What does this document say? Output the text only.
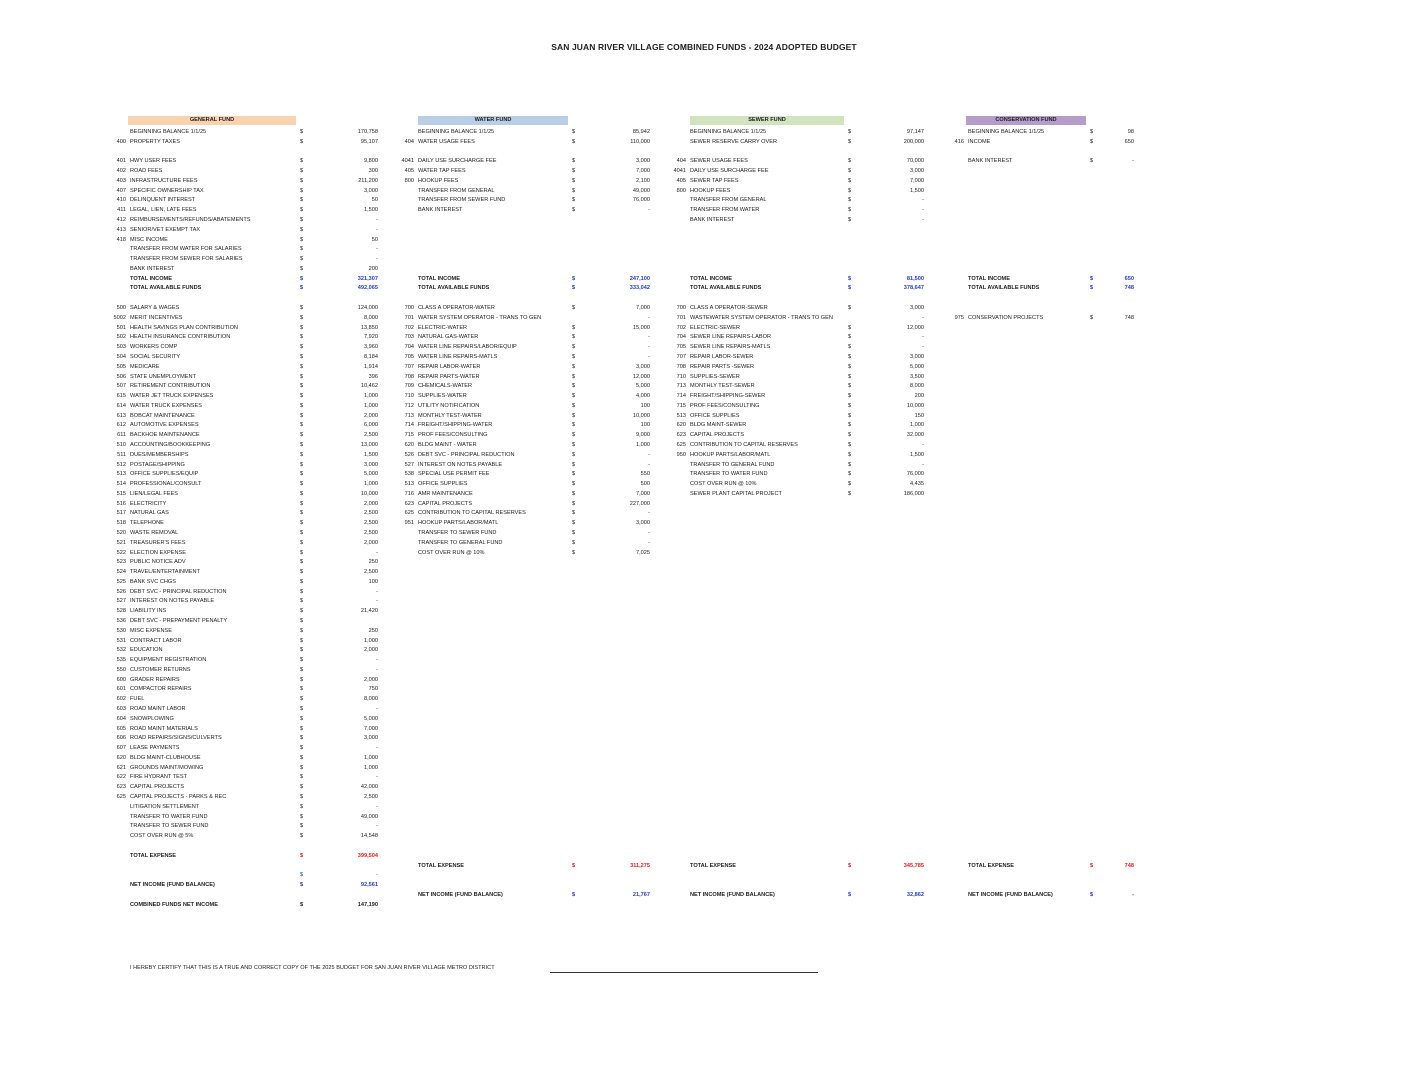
SAN JUAN RIVER VILLAGE COMBINED FUNDS - 2024 ADOPTED BUDGET
GENERAL FUND
BEGINNING BALANCE 1/1/25	$	170,758
400 PROPERTY TAXES	$	95,107
401 HWY USER FEES	$	9,800
402 ROAD FEES	$	300
403 INFRASTRUCTURE FEES	$	211,200
407 SPECIFIC OWNERSHIP TAX	$	3,000
410 DELINQUENT INTEREST	$	50
411 LEGAL, LIEN, LATE FEES	$	1,500
412 REIMBURSEMENTS/REFUNDS/ABATEMENTS	$	-
413 SENIOR/VET EXEMPT TAX	$	-
418 MISC INCOME	$	50
TRANSFER FROM WATER FOR SALARIES	$	-
TRANSFER FROM SEWER FOR SALARIES	$	-
BANK INTEREST	$	200
TOTAL INCOME	$	321,307
TOTAL AVAILABLE FUNDS	$	492,065
500 SALARY & WAGES	$	124,000
5002 MERIT INCENTIVES	$	8,000
501 HEALTH SAVINGS PLAN CONTRIBUTION	$	13,850
502 HEALTH INSURANCE CONTRIBUTION	$	7,920
503 WORKERS COMP	$	3,960
504 SOCIAL SECURITY	$	8,184
505 MEDICARE	$	1,914
506 STATE UNEMPLOYMENT	$	396
507 RETIREMENT CONTRIBUTION	$	10,462
615 WATER JET TRUCK EXPENSES	$	1,000
614 WATER TRUCK EXPENSES	$	1,000
613 BOBCAT MAINTENANCE	$	2,000
612 AUTOMOTIVE EXPENSES	$	6,000
611 BACKHOE MAINTENANCE	$	2,500
510 ACCOUNTING/BOOKKEEPING	$	13,000
511 DUES/MEMBERSHIPS	$	1,500
512 POSTAGE/SHIPPING	$	3,000
513 OFFICE SUPPLIES/EQUIP	$	5,000
514 PROFESSIONAL/CONSULT	$	1,000
515 LIEN/LEGAL FEES	$	10,000
516 ELECTRICITY	$	2,000
517 NATURAL GAS	$	2,500
518 TELEPHONE	$	2,500
520 WASTE REMOVAL	$	2,500
521 TREASURER'S FEES	$	2,000
522 ELECTION EXPENSE	$	-
523 PUBLIC NOTICE ADV	$	250
524 TRAVEL/ENTERTAINMENT	$	2,500
525 BANK SVC CHGS	$	100
526 DEBT SVC - PRINCIPAL REDUCTION	$	-
527 INTEREST ON NOTES PAYABLE	$	-
528 LIABILITY INS	$	21,420
536 DEBT SVC - PREPAYMENT PENALTY	$
530 MISC EXPENSE	$	250
531 CONTRACT LABOR	$	1,000
532 EDUCATION	$	2,000
535 EQUIPMENT REGISTRATION	$	-
550 CUSTOMER RETURNS	$	-
600 GRADER REPAIRS	$	2,000
601 COMPACTOR REPAIRS	$	750
602 FUEL	$	8,000
603 ROAD MAINT LABOR	$	-
604 SNOWPLOWING	$	5,000
605 ROAD MAINT MATERIALS	$	7,000
606 ROAD REPAIRS/SIGNS/CULVERTS	$	3,000
607 LEASE PAYMENTS	$	-
620 BLDG MAINT-CLUBHOUSE	$	1,000
621 GROUNDS MAINT/MOWING	$	1,000
622 FIRE HYDRANT TEST	$	-
623 CAPITAL PROJECTS	$	42,000
625 CAPITAL PROJECTS - PARKS & REC	$	2,500
LITIGATION SETTLEMENT	$	-
TRANSFER TO WATER FUND	$	49,000
TRANSFER TO SEWER FUND	$	-
COST OVER RUN @ 5%	$	14,548
TOTAL EXPENSE	$	399,504
$	-
NET INCOME (FUND BALANCE)	$	92,561
COMBINED FUNDS NET INCOME	$	147,190
WATER FUND
BEGINNING BALANCE 1/1/25	$	85,942
404 WATER USAGE FEES	$	110,000
4041 DAILY USE SURCHARGE FEE	$	3,000
405 WATER TAP FEES	$	7,000
800 HOOKUP FEES	$	2,100
TRANSFER FROM GENERAL	$	49,000
TRANSFER FROM SEWER FUND	$	76,000
BANK INTEREST	$	-
TOTAL INCOME	$	247,100
TOTAL AVAILABLE FUNDS	$	333,042
700 CLASS A OPERATOR-WATER	$	7,000
701 WATER SYSTEM OPERATOR - TRANS TO GEN	-
702 ELECTRIC-WATER	$	15,000
703 NATURAL GAS-WATER	$	-
704 WATER LINE REPAIRS/LABOR/EQUIP	$	-
705 WATER LINE REPAIRS-MATLS	$	-
707 REPAIR LABOR-WATER	$	3,000
708 REPAIR PARTS-WATER	$	12,000
709 CHEMICALS-WATER	$	5,000
710 SUPPLIES-WATER	$	4,000
712 UTILITY NOTIFICATION	$	100
713 MONTHLY TEST-WATER	$	10,000
714 FREIGHT/SHIPPING-WATER	$	100
715 PROF FEES/CONSULTING	$	9,000
620 BLDG MAINT - WATER	$	1,000
526 DEBT SVC - PRINCIPAL REDUCTION	$	-
527 INTEREST ON NOTES PAYABLE	$	-
538 SPECIAL USE PERMIT FEE	$	550
513 OFFICE SUPPLIES	$	500
716 AMR MAINTENANCE	$	7,000
623 CAPITAL PROJECTS	$	227,000
625 CONTRIBUTION TO CAPITAL RESERVES	$	-
951 HOOKUP PARTS/LABOR/MATL	$	3,000
TRANSFER TO SEWER FUND	$	-
TRANSFER TO GENERAL FUND	$	-
COST OVER RUN @ 10%	$	7,025
TOTAL EXPENSE	$	311,275
NET INCOME (FUND BALANCE)	$	21,767
SEWER FUND
BEGINNING BALANCE 1/1/25	$	97,147
SEWER RESERVE CARRY OVER	$	200,000
404 SEWER USAGE FEES	$	70,000
4041 DAILY USE SURCHARGE FEE	$	3,000
405 SEWER TAP FEES	$	7,000
800 HOOKUP FEES	$	1,500
TRANSFER FROM GENERAL	$	-
TRANSFER FROM WATER	$	-
BANK INTEREST	$	-
TOTAL INCOME	$	81,500
TOTAL AVAILABLE FUNDS	$	378,647
700 CLASS A OPERATOR-SEWER	$	3,000
701 WASTEWATER SYSTEM OPERATOR - TRANS TO GEN	-
702 ELECTRIC-SEWER	$	12,000
704 SEWER LINE REPAIRS-LABOR	$	-
705 SEWER LINE REPAIRS-MATLS	$	-
707 REPAIR LABOR-SEWER	$	3,000
708 REPAIR PARTS -SEWER	$	5,000
710 SUPPLIES-SEWER	$	3,500
713 MONTHLY TEST-SEWER	$	8,000
714 FREIGHT/SHIPPING-SEWER	$	200
715 PROF FEES/CONSULTING	$	10,000
513 OFFICE SUPPLIES	$	150
620 BLDG MAINT-SEWER	$	1,000
623 CAPITAL PROJECTS	$	32,000
625 CONTRIBUTION TO CAPITAL RESERVES	$	-
950 HOOKUP PARTS/LABOR/MATL	$	1,500
TRANSFER TO GENERAL FUND	$	-
TRANSFER TO WATER FUND	$	76,000
COST OVER RUN @ 10%	$	4,435
SEWER PLANT CAPITAL PROJECT	$	186,000
TOTAL EXPENSE	$	345,785
NET INCOME (FUND BALANCE)	$	32,862
CONSERVATION FUND
BEGINNING BALANCE 1/1/25	$	98
416 INCOME	$	650
BANK INTEREST	$	-
TOTAL INCOME	$	650
TOTAL AVAILABLE FUNDS	$	748
975 CONSERVATION PROJECTS	$	748
TOTAL EXPENSE	$	748
NET INCOME (FUND BALANCE)	$	-
I HEREBY CERTIFY THAT THIS IS A TRUE AND CORRECT COPY OF THE 2025 BUDGET FOR SAN JUAN RIVER VILLAGE METRO DISTRICT
